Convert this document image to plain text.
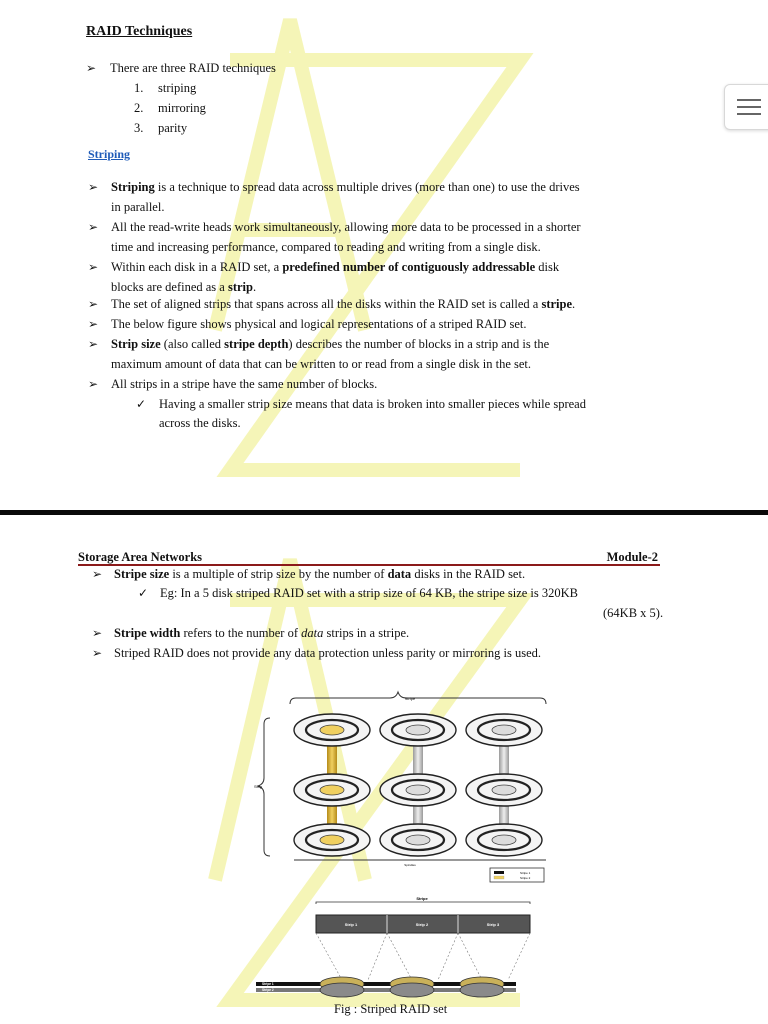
RAID Techniques
➢ There are three RAID techniques
1. striping
2. mirroring
3. parity
Striping
➢ Striping is a technique to spread data across multiple drives (more than one) to use the drives
in parallel.
➢ All the read-write heads work simultaneously, allowing more data to be processed in a shorter
time and increasing performance, compared to reading and writing from a single disk.
➢ Within each disk in a RAID set, a predefined number of contiguously addressable disk
blocks are defined as a strip.
➢ The set of aligned strips that spans across all the disks within the RAID set is called a stripe.
➢ The below figure shows physical and logical representations of a striped RAID set.
➢ Strip size (also called stripe depth) describes the number of blocks in a strip and is the
maximum amount of data that can be written to or read from a single disk in the set.
➢ All strips in a stripe have the same number of blocks.
✓ Having a smaller strip size means that data is broken into smaller pieces while spread
across the disks.
Storage Area Networks	Module-2
➢ Stripe size is a multiple of strip size by the number of data disks in the RAID set.
✓ Eg: In a 5 disk striped RAID set with a strip size of 64 KB, the stripe size is 320KB
(64KB x 5).
➢ Stripe width refers to the number of data strips in a stripe.
➢ Striped RAID does not provide any data protection unless parity or mirroring is used.
Stripe
Strip
Spindles
Stripe 1
Stripe 2
Stripe
Strip 1	Strip 2	Strip 3
Stripe 1
Stripe 2
Fig : Striped RAID set
